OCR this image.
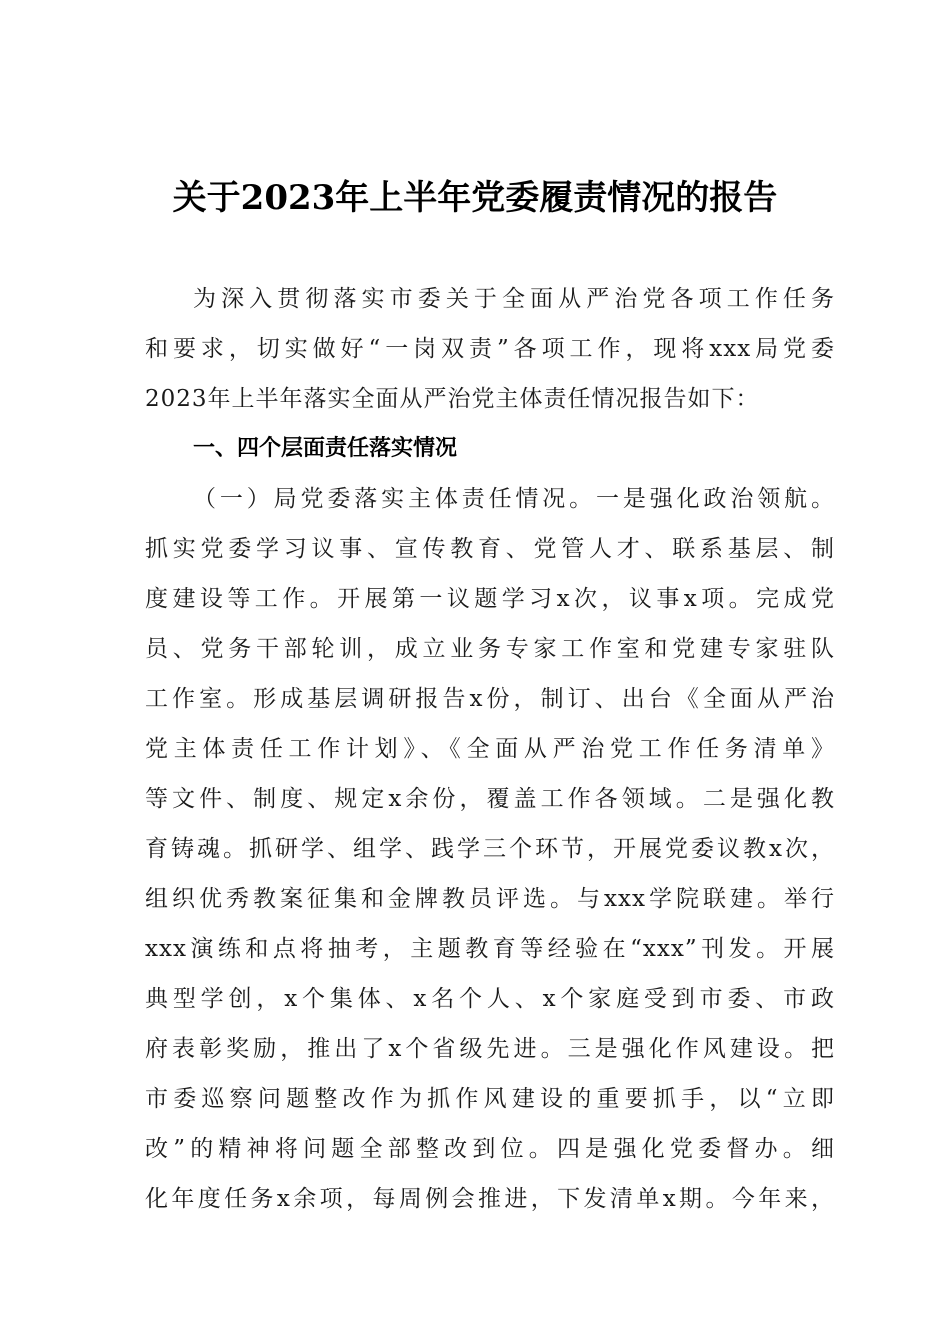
关于2023年上半年党委履责情况的报告
为深入贯彻落实市委关于全面从严治党各项工作任务
和要求，切实做好“一岗双责”各项工作，现将xxx局党委
2023年上半年落实全面从严治党主体责任情况报告如下：
一、四个层面责任落实情况
（一）局党委落实主体责任情况。一是强化政治领航。
抓实党委学习议事、宣传教育、党管人才、联系基层、制
度建设等工作。开展第一议题学习x次，议事x项。完成党
员、党务干部轮训，成立业务专家工作室和党建专家驻队
工作室。形成基层调研报告x份，制订、出台《全面从严治
党主体责任工作计划》、《全面从严治党工作任务清单》
等文件、制度、规定x余份，覆盖工作各领域。二是强化教
育铸魂。抓研学、组学、践学三个环节，开展党委议教x次，
组织优秀教案征集和金牌教员评选。与xxx学院联建。举行
xxx演练和点将抽考，主题教育等经验在“xxx”刊发。开展
典型学创，x个集体、x名个人、x个家庭受到市委、市政
府表彰奖励，推出了x个省级先进。三是强化作风建设。把
市委巡察问题整改作为抓作风建设的重要抓手，以“立即
改”的精神将问题全部整改到位。四是强化党委督办。细
化年度任务x余项，每周例会推进，下发清单x期。今年来，
